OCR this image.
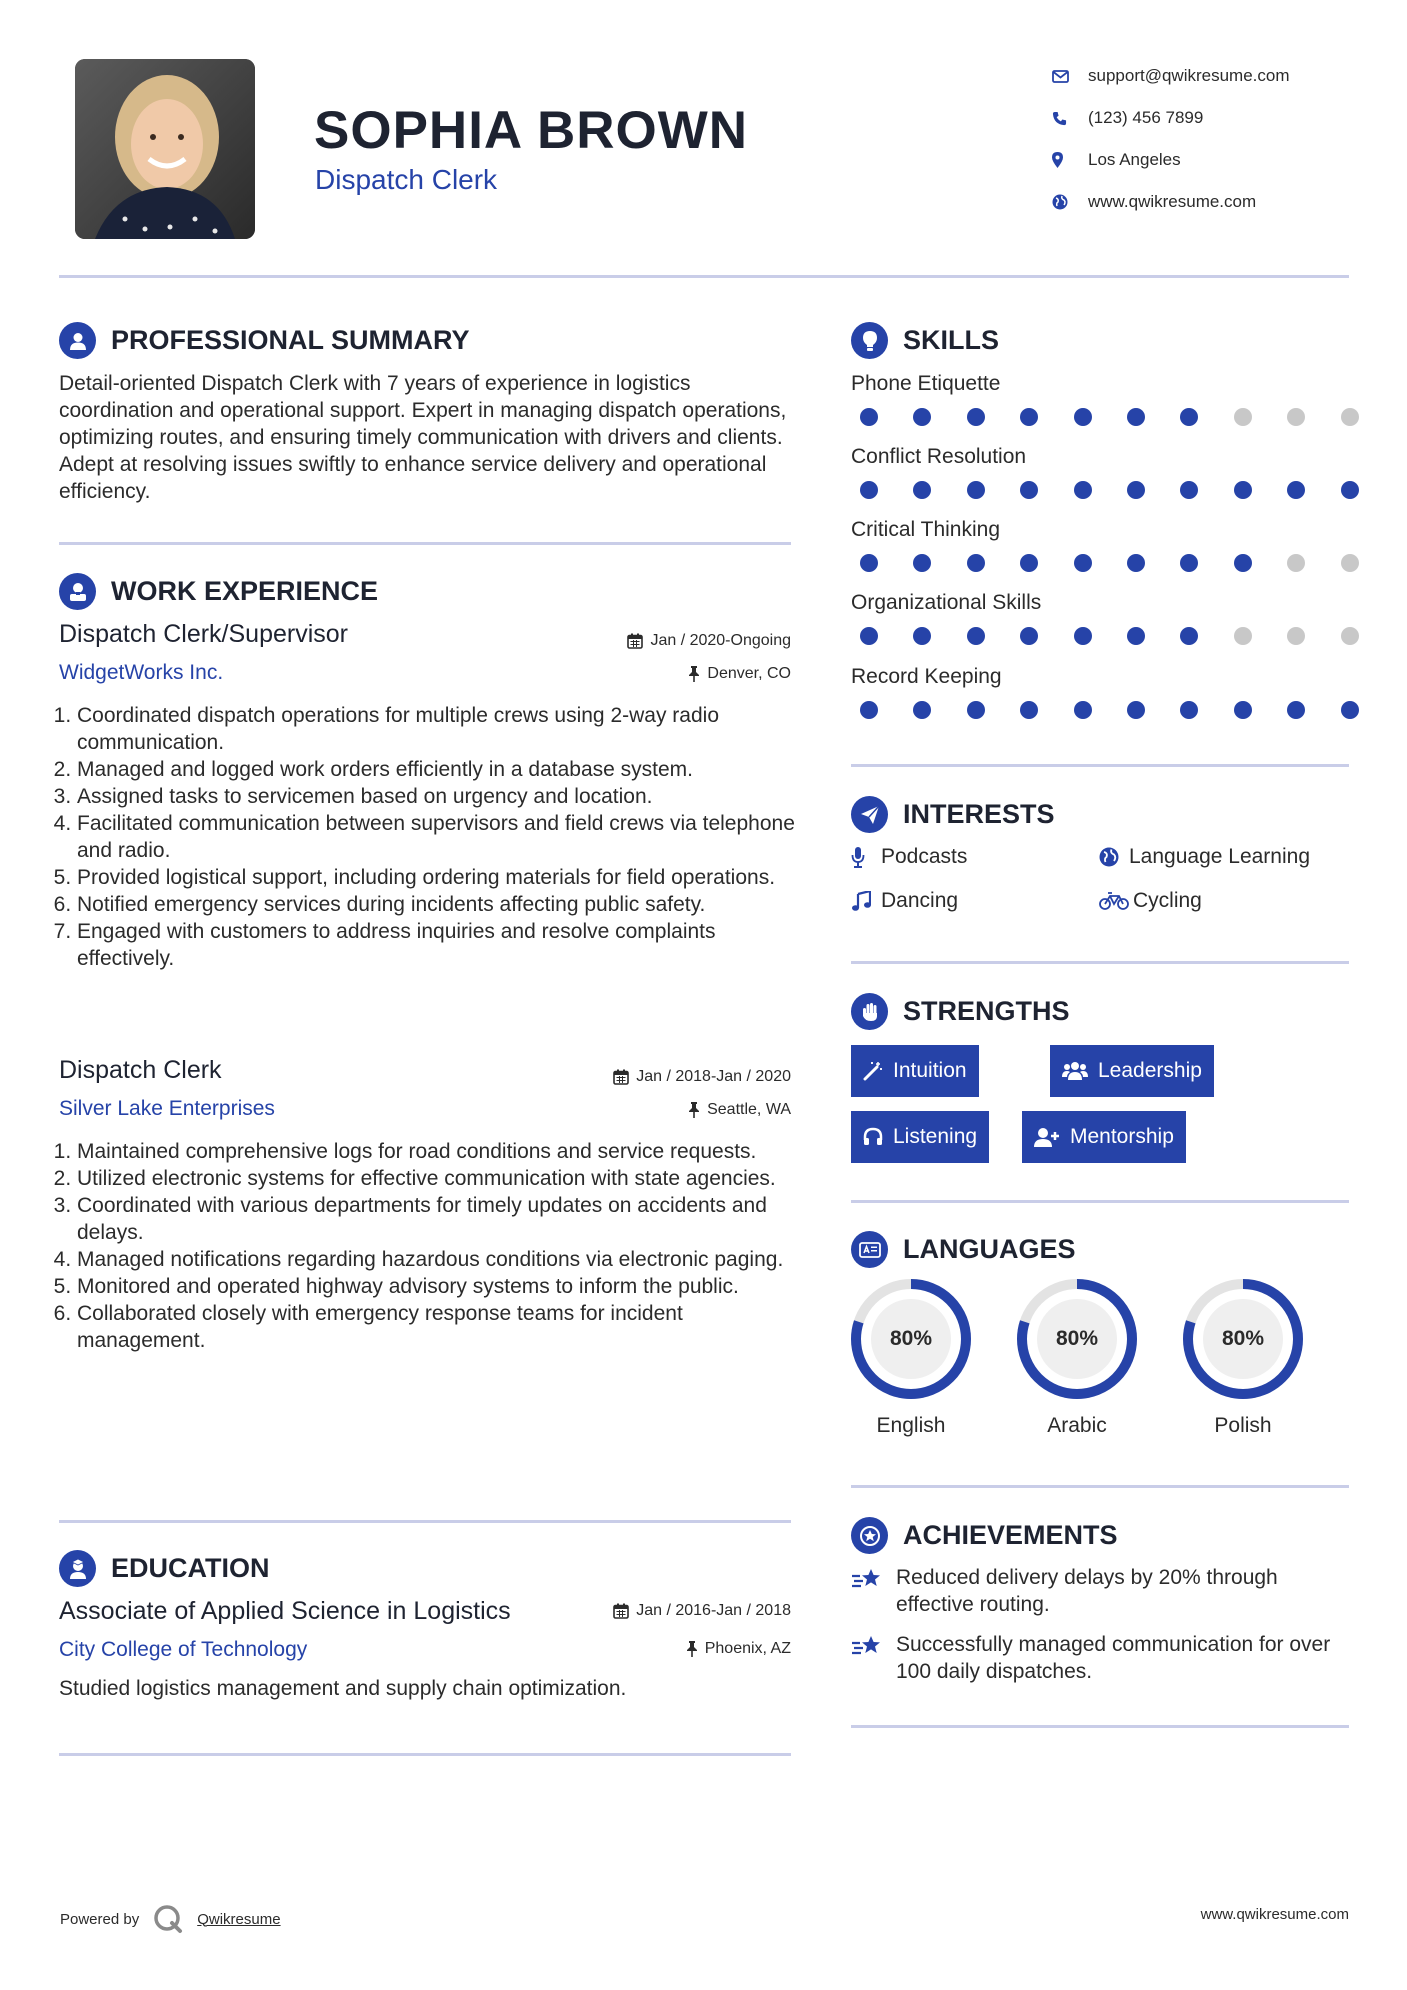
SOPHIA BROWN
Dispatch Clerk
support@qwikresume.com
(123) 456 7899
Los Angeles
www.qwikresume.com
PROFESSIONAL SUMMARY
Detail-oriented Dispatch Clerk with 7 years of experience in logistics coordination and operational support. Expert in managing dispatch operations, optimizing routes, and ensuring timely communication with drivers and clients. Adept at resolving issues swiftly to enhance service delivery and operational efficiency.
WORK EXPERIENCE
Dispatch Clerk/Supervisor	Jan / 2020-Ongoing
WidgetWorks Inc.	Denver, CO
1. Coordinated dispatch operations for multiple crews using 2-way radio communication.
2. Managed and logged work orders efficiently in a database system.
3. Assigned tasks to servicemen based on urgency and location.
4. Facilitated communication between supervisors and field crews via telephone and radio.
5. Provided logistical support, including ordering materials for field operations.
6. Notified emergency services during incidents affecting public safety.
7. Engaged with customers to address inquiries and resolve complaints effectively.
Dispatch Clerk	Jan / 2018-Jan / 2020
Silver Lake Enterprises	Seattle, WA
1. Maintained comprehensive logs for road conditions and service requests.
2. Utilized electronic systems for effective communication with state agencies.
3. Coordinated with various departments for timely updates on accidents and delays.
4. Managed notifications regarding hazardous conditions via electronic paging.
5. Monitored and operated highway advisory systems to inform the public.
6. Collaborated closely with emergency response teams for incident management.
EDUCATION
Associate of Applied Science in Logistics	Jan / 2016-Jan / 2018
City College of Technology	Phoenix, AZ
Studied logistics management and supply chain optimization.
SKILLS
Phone Etiquette
Conflict Resolution
Critical Thinking
Organizational Skills
Record Keeping
INTERESTS
Podcasts	Language Learning
Dancing	Cycling
STRENGTHS
Intuition	Leadership
Listening	Mentorship
LANGUAGES
80%
English
80%
Arabic
80%
Polish
ACHIEVEMENTS
Reduced delivery delays by 20% through effective routing.
Successfully managed communication for over 100 daily dispatches.
Powered by	Qwikresume	www.qwikresume.com
